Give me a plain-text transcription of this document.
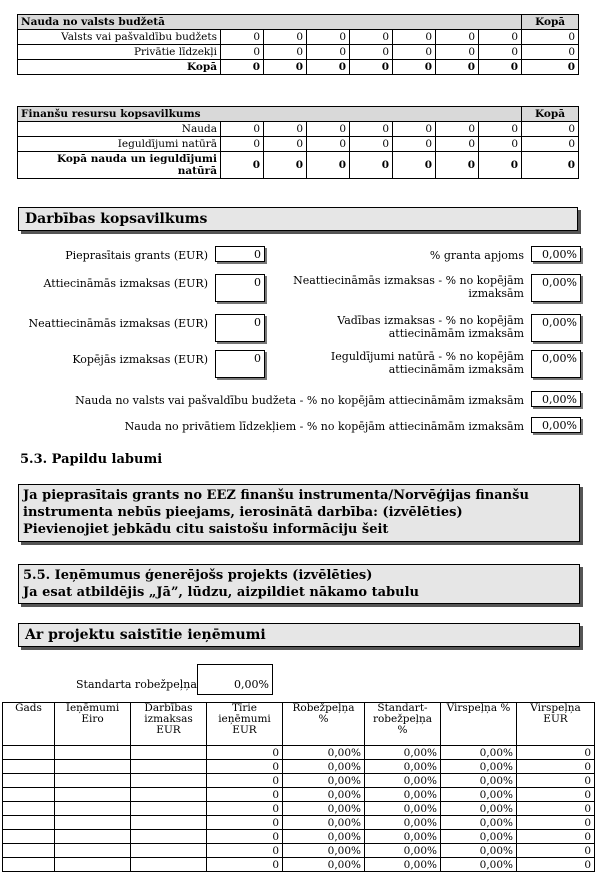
Nauda no valsts budžetā								Kopā
Valsts vai pašvaldību budžets	0	0	0	0	0	0	0	0
Privātie līdzekļi	0	0	0	0	0	0	0	0
Kopā	0	0	0	0	0	0	0	0
Finanšu resursu kopsavilkums								Kopā
Nauda	0	0	0	0	0	0	0	0
Ieguldījumi natūrā	0	0	0	0	0	0	0	0
Kopā nauda un ieguldījumi natūrā	0	0	0	0	0	0	0	0
Darbības kopsavilkums
Pieprasītais grants (EUR)	0
Attiecināmās izmaksas (EUR)	0
Neattiecināmās izmaksas (EUR)	0
Kopējās izmaksas (EUR)	0
% granta apjoms	0,00%
Neattiecināmās izmaksas - % no kopējām izmaksām
0,00%
Vadības izmaksas - % no kopējām attiecināmām izmaksām
0,00%
Ieguldījumi natūrā - % no kopējām attiecināmām izmaksām
0,00%
Nauda no valsts vai pašvaldību budžeta - % no kopējām attiecināmām izmaksām	0,00%
Nauda no privātiem līdzekļiem - % no kopējām attiecināmām izmaksām	0,00%
5.3. Papildu labumi
Ja pieprasītais grants no EEZ finanšu instrumenta/Norvēģijas finanšu
instrumenta nebūs pieejams, ierosinātā darbība: (izvēlēties)
Pievienojiet jebkādu citu saistošu informāciju šeit
5.5. Ieņēmumus ģenerējošs projekts (izvēlēties)
Ja esat atbildējis „Jā”, lūdzu, aizpildiet nākamo tabulu
Ar projektu saistītie ieņēmumi
Standarta robežpeļņa	0,00%
Gads	Ieņēmumi Eiro	Darbības izmaksas EUR	Tīrie ieņēmumi EUR	Robežpeļņa %	Standart-robežpeļņa %	Virspeļņa %	Virspeļņa EUR
			0	0,00%	0,00%	0,00%	0
			0	0,00%	0,00%	0,00%	0
			0	0,00%	0,00%	0,00%	0
			0	0,00%	0,00%	0,00%	0
			0	0,00%	0,00%	0,00%	0
			0	0,00%	0,00%	0,00%	0
			0	0,00%	0,00%	0,00%	0
			0	0,00%	0,00%	0,00%	0
			0	0,00%	0,00%	0,00%	0
